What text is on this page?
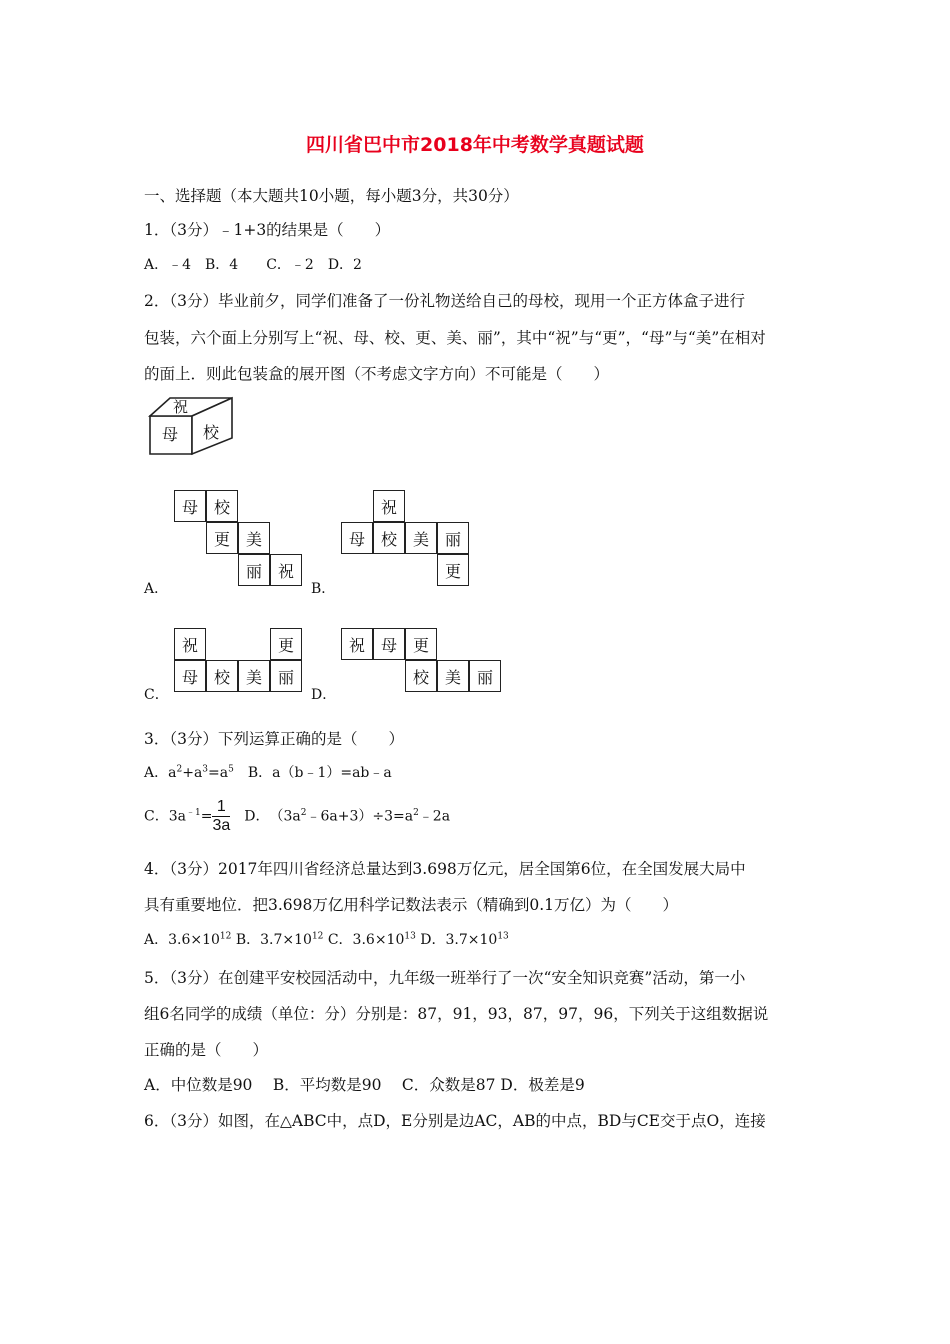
四川省巴中市2018年中考数学真题试题
一、选择题（本大题共10小题，每小题3分，共30分）
1．（3分）﹣1+3的结果是（　　）
A．﹣4　B．4　　C．﹣2　D．2
2．（3分）毕业前夕，同学们准备了一份礼物送给自己的母校，现用一个正方体盒子进行
包装，六个面上分别写上“祝、母、校、更、美、丽”，其中“祝”与“更”，“母”与“美”在相对
的面上．则此包装盒的展开图（不考虑文字方向）不可能是（　　）
祝
母 校
母 校
更 美
丽 祝
A．
祝
母 校 美 丽
更
B．
祝	更
母 校 美 丽
C．
祝 母 更
校 美 丽
D．
3．（3分）下列运算正确的是（　　）
A．$a^2+a^3=a^5$　B．a（b﹣1）=ab﹣a
C．$3a^{﹣1}= \frac{1}{3a}$ 　D．　$(3a^2﹣6a+3)\div 3=a^2﹣2a$
4．（3分）2017年四川省经济总量达到3.698万亿元，居全国第6位，在全国发展大局中
具有重要地位．把3.698万亿用科学记数法表示（精确到0.1万亿）为（　　）
A．$3.6\times 10^{12}$ B．$3.7\times 10^{12}$ C．$3.6\times 10^{13}$ D．$3.7\times 10^{13}$
5．（3分）在创建平安校园活动中，九年级一班举行了一次“安全知识竞赛”活动，第一小
组6名同学的成绩（单位：分）分别是：87，91，93，87，97，96，下列关于这组数据说
正确的是（　　）
A．中位数是90　 B．平均数是90　 C．众数是87 D．极差是9
6．（3分）如图，在△ABC中，点D，E分别是边AC，AB的中点，BD与CE交于点O，连接
